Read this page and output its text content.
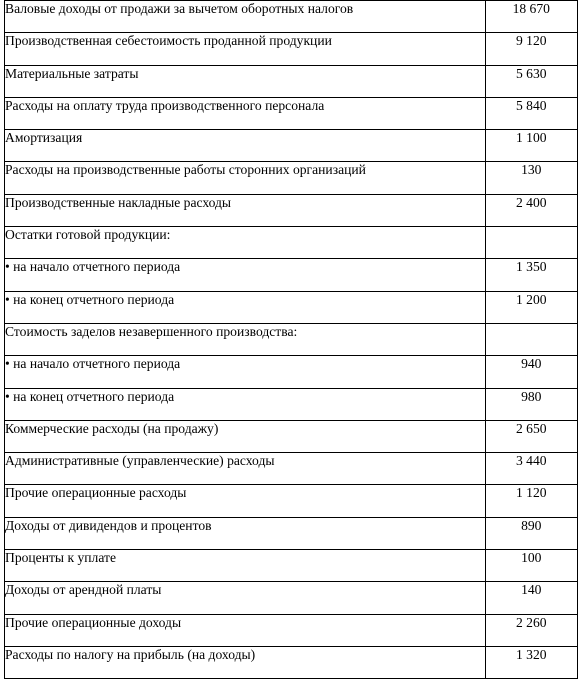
Валовые доходы от продажи за вычетом оборотных налогов	18 670
Производственная себестоимость проданной продукции	9 120
Материальные затраты	5 630
Расходы на оплату труда производственного персонала	5 840
Амортизация	1 100
Расходы на производственные работы сторонних организаций	130
Производственные накладные расходы	2 400
Остатки готовой продукции:	
• на начало отчетного периода	1 350
• на конец отчетного периода	1 200
Стоимость заделов незавершенного производства:	
• на начало отчетного периода	940
• на конец отчетного периода	980
Коммерческие расходы (на продажу)	2 650
Административные (управленческие) расходы	3 440
Прочие операционные расходы	1 120
Доходы от дивидендов и процентов	890
Проценты к уплате	100
Доходы от арендной платы	140
Прочие операционные доходы	2 260
Расходы по налогу на прибыль (на доходы)	1 320
